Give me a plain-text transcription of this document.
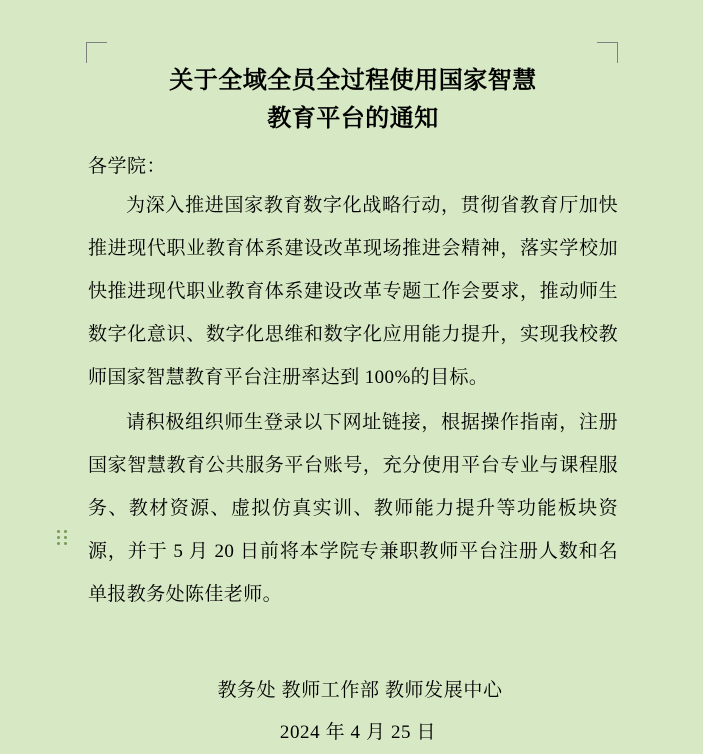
关于全域全员全过程使用国家智慧
教育平台的通知

各学院：

为深入推进国家教育数字化战略行动，贯彻省教育厅加快推进现代职业教育体系建设改革现场推进会精神，落实学校加快推进现代职业教育体系建设改革专题工作会要求，推动师生数字化意识、数字化思维和数字化应用能力提升，实现我校教师国家智慧教育平台注册率达到 100%的目标。

请积极组织师生登录以下网址链接，根据操作指南，注册国家智慧教育公共服务平台账号，充分使用平台专业与课程服务、教材资源、虚拟仿真实训、教师能力提升等功能板块资源，并于 5 月 20 日前将本学院专兼职教师平台注册人数和名单报教务处陈佳老师。

教务处 教师工作部 教师发展中心
2024 年 4 月 25 日
